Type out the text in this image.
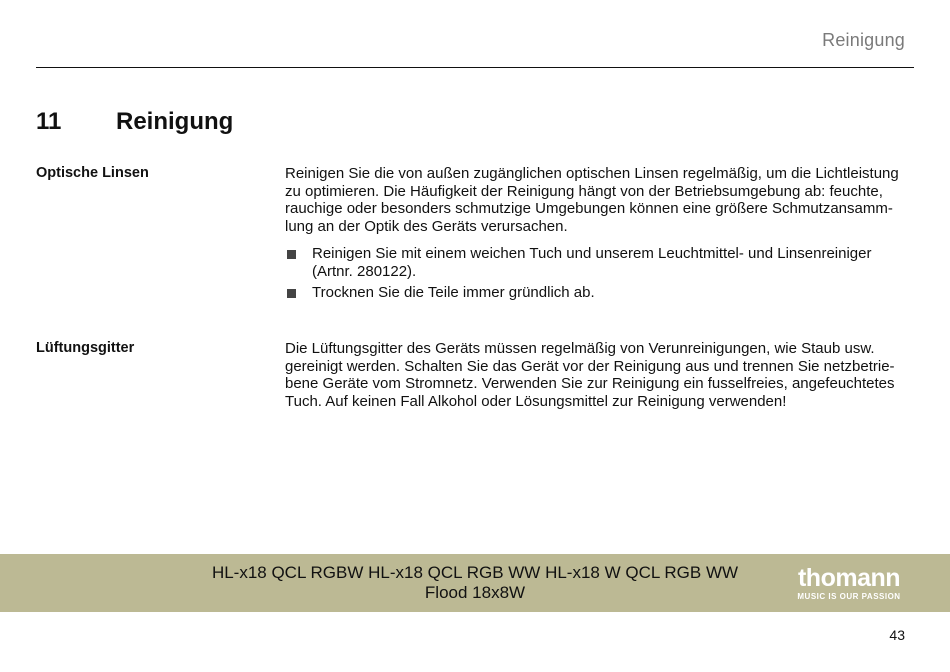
Reinigung
11 Reinigung
Optische Linsen	Reinigen Sie die von außen zugänglichen optischen Linsen regelmäßig, um die Lichtleistung zu optimieren. Die Häufigkeit der Reinigung hängt von der Betriebsumgebung ab: feuchte, rauchige oder besonders schmutzige Umgebungen können eine größere Schmutzansammlung an der Optik des Geräts verursachen.

Reinigen Sie mit einem weichen Tuch und unserem Leuchtmittel- und Linsenreiniger (Artnr. 280122).
Trocknen Sie die Teile immer gründlich ab.
Lüftungsgitter	Die Lüftungsgitter des Geräts müssen regelmäßig von Verunreinigungen, wie Staub usw. gereinigt werden. Schalten Sie das Gerät vor der Reinigung aus und trennen Sie netzbetriebene Geräte vom Stromnetz. Verwenden Sie zur Reinigung ein fusselfreies, angefeuchtetes Tuch. Auf keinen Fall Alkohol oder Lösungsmittel zur Reinigung verwenden!

HL-x18 QCL RGBW HL-x18 QCL RGB WW HL-x18 W QCL RGB WW
Flood 18x8W
thomann
MUSIC IS OUR PASSION
43
